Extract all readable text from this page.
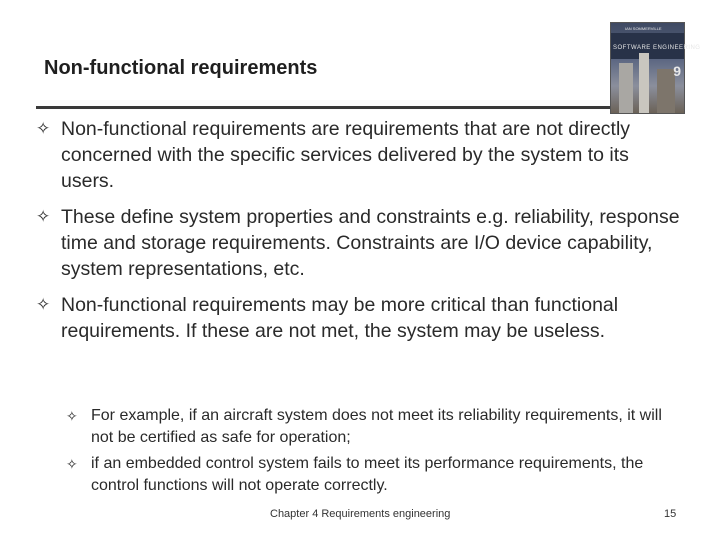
Non-functional requirements
IAN SOMMERVILLE
SOFTWARE ENGINEERING
9
✧ Non-functional requirements are requirements that are not directly concerned with the specific services delivered by the system to its users.
✧ These define system properties and constraints e.g. reliability, response time and storage requirements. Constraints are I/O device capability, system representations, etc.
✧ Non-functional requirements may be more critical than functional requirements. If these are not met, the system may be useless.
✧ For example, if an aircraft system does not meet its reliability requirements, it will not be certified as safe for operation;
✧ if an embedded control system fails to meet its performance requirements, the control functions will not operate correctly.
Chapter 4 Requirements engineering	15
